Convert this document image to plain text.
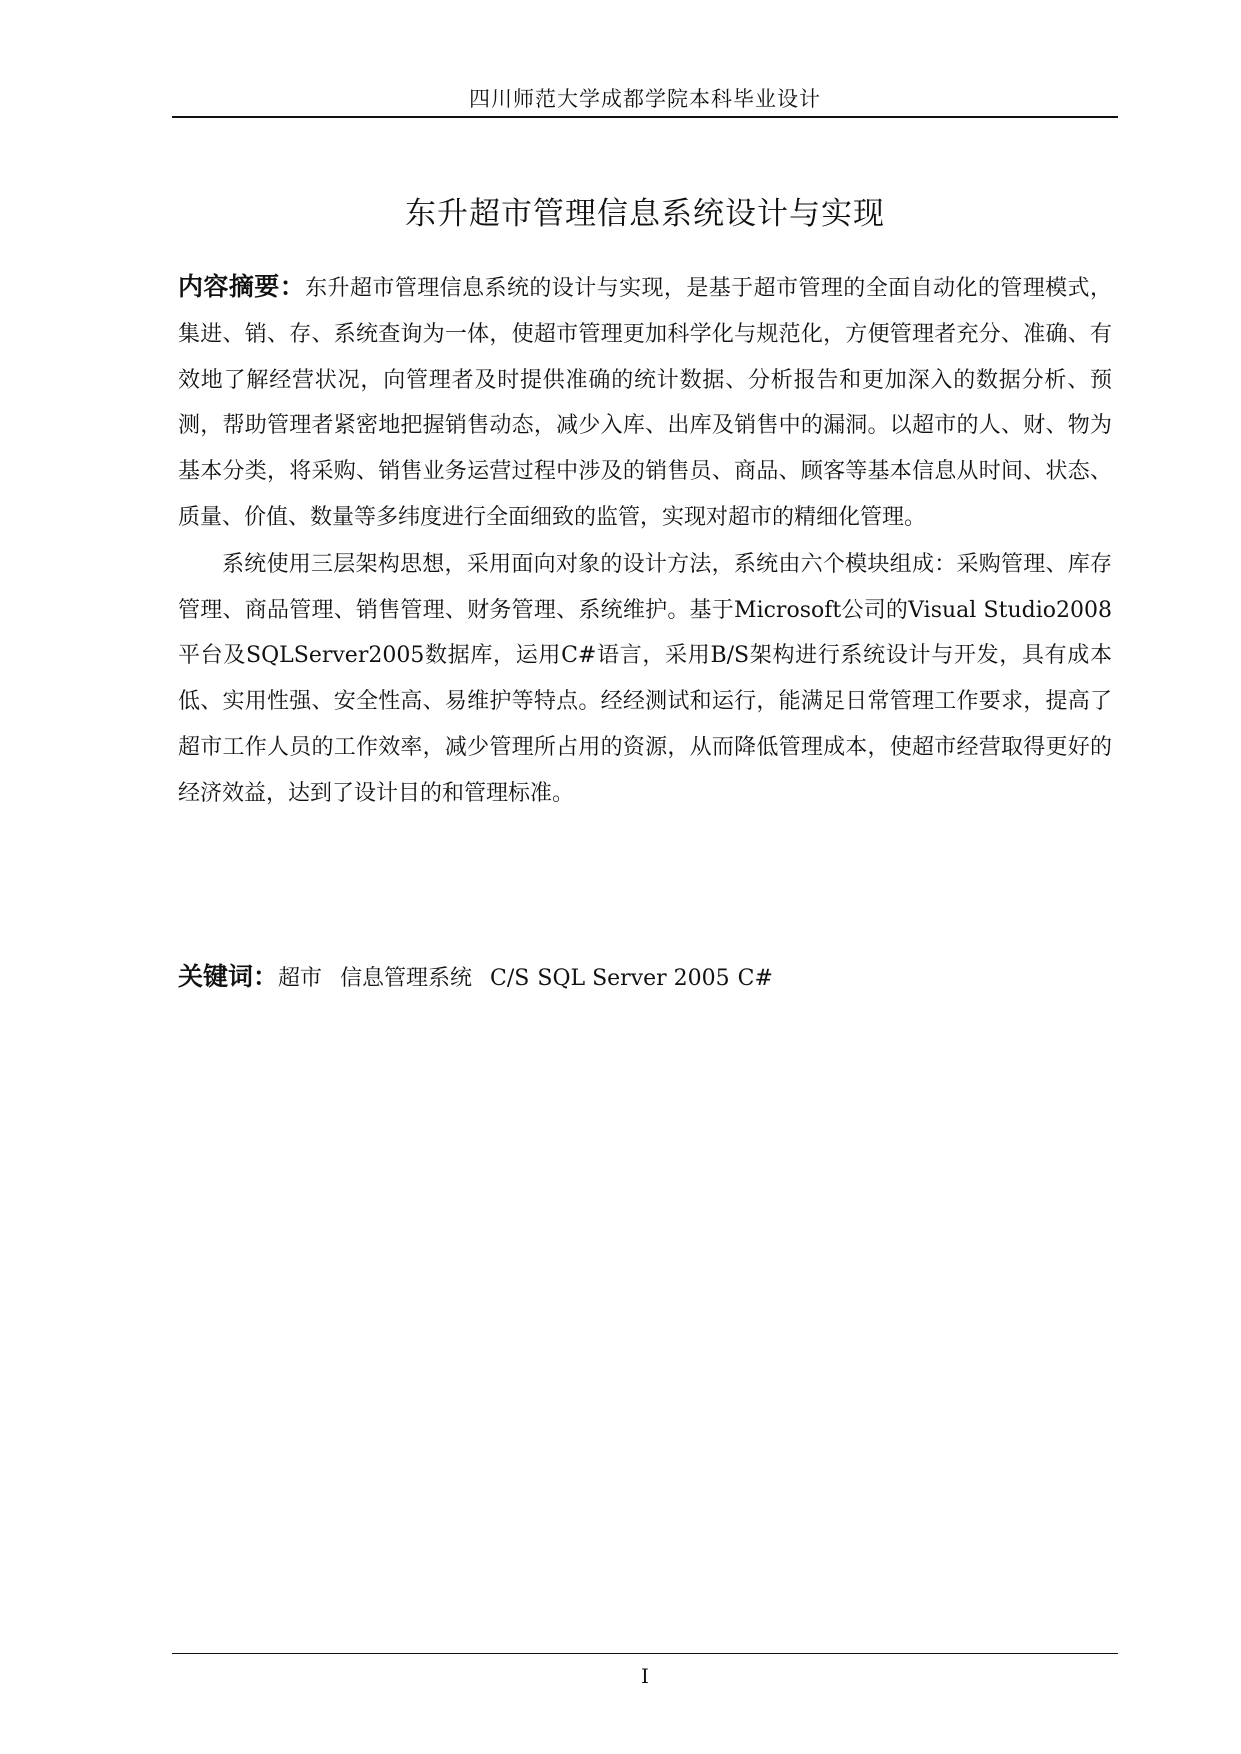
四川师范大学成都学院本科毕业设计
东升超市管理信息系统设计与实现

内容摘要：东升超市管理信息系统的设计与实现，是基于超市管理的全面自动化的管理模式，集进、销、存、系统查询为一体，使超市管理更加科学化与规范化，方便管理者充分、准确、有效地了解经营状况，向管理者及时提供准确的统计数据、分析报告和更加深入的数据分析、预测，帮助管理者紧密地把握销售动态，减少入库、出库及销售中的漏洞。以超市的人、财、物为基本分类，将采购、销售业务运营过程中涉及的销售员、商品、顾客等基本信息从时间、状态、质量、价值、数量等多纬度进行全面细致的监管，实现对超市的精细化管理。

系统使用三层架构思想，采用面向对象的设计方法，系统由六个模块组成：采购管理、库存管理、商品管理、销售管理、财务管理、系统维护。基于Microsoft公司的Visual Studio2008平台及SQLServer2005数据库，运用C#语言，采用B/S架构进行系统设计与开发，具有成本低、实用性强、安全性高、易维护等特点。经经测试和运行，能满足日常管理工作要求，提高了超市工作人员的工作效率，减少管理所占用的资源，从而降低管理成本，使超市经营取得更好的经济效益，达到了设计目的和管理标准。

关键词：超市 信息管理系统 C/S SQL Server 2005 C#
I
